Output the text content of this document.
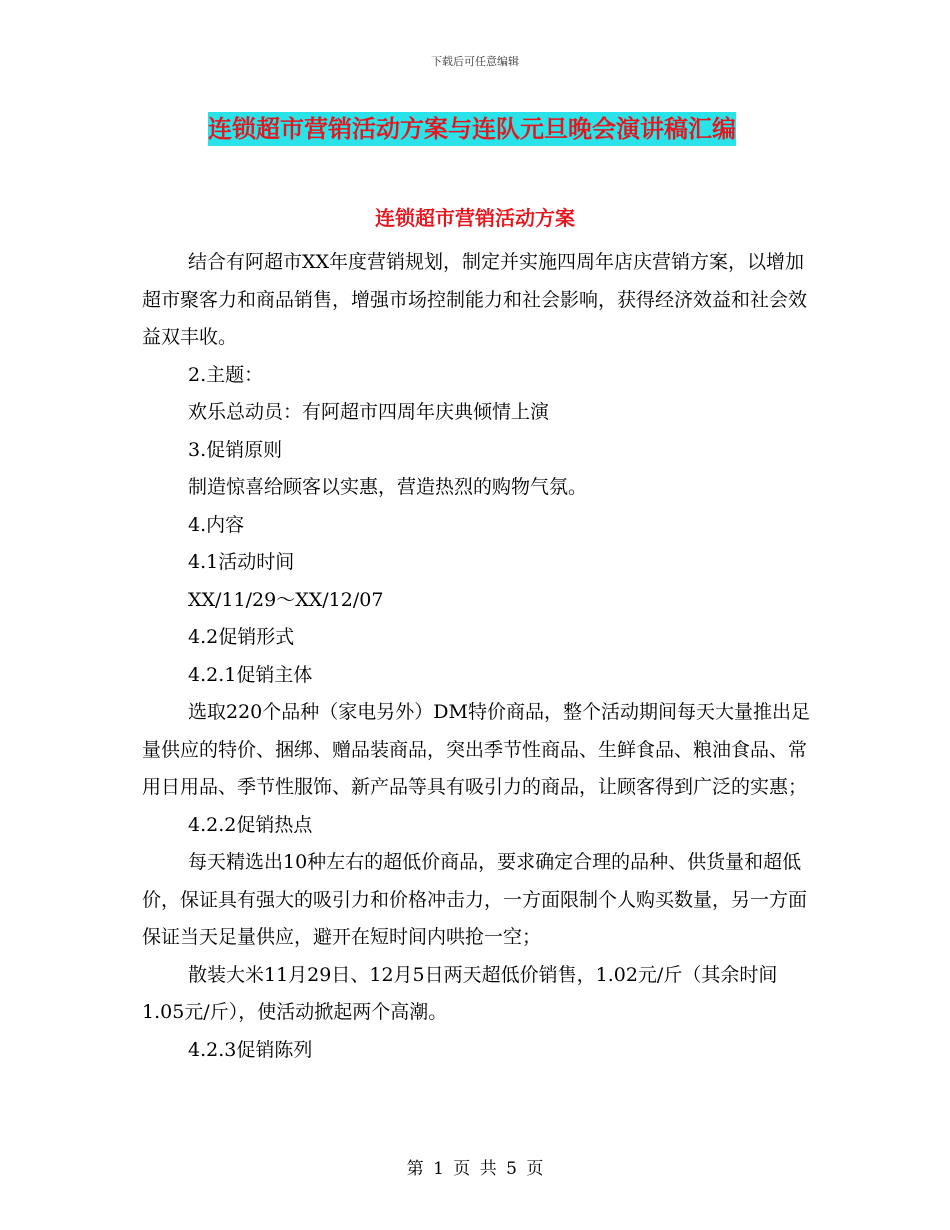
下载后可任意编辑
连锁超市营销活动方案与连队元旦晚会演讲稿汇编
连锁超市营销活动方案

结合有阿超市XX年度营销规划，制定并实施四周年店庆营销方案，以增加超市聚客力和商品销售，增强市场控制能力和社会影响，获得经济效益和社会效益双丰收。

2.主题：

欢乐总动员：有阿超市四周年庆典倾情上演

3.促销原则

制造惊喜给顾客以实惠，营造热烈的购物气氛。

4.内容

4.1活动时间

XX/11/29～XX/12/07

4.2促销形式

4.2.1促销主体

选取220个品种（家电另外）DM特价商品，整个活动期间每天大量推出足量供应的特价、捆绑、赠品装商品，突出季节性商品、生鲜食品、粮油食品、常用日用品、季节性服饰、新产品等具有吸引力的商品，让顾客得到广泛的实惠；

4.2.2促销热点

每天精选出10种左右的超低价商品，要求确定合理的品种、供货量和超低价，保证具有强大的吸引力和价格冲击力，一方面限制个人购买数量，另一方面保证当天足量供应，避开在短时间内哄抢一空；

散装大米11月29日、12月5日两天超低价销售，1.02元/斤（其余时间1.05元/斤），使活动掀起两个高潮。

4.2.3促销陈列

第 1 页 共 5 页
